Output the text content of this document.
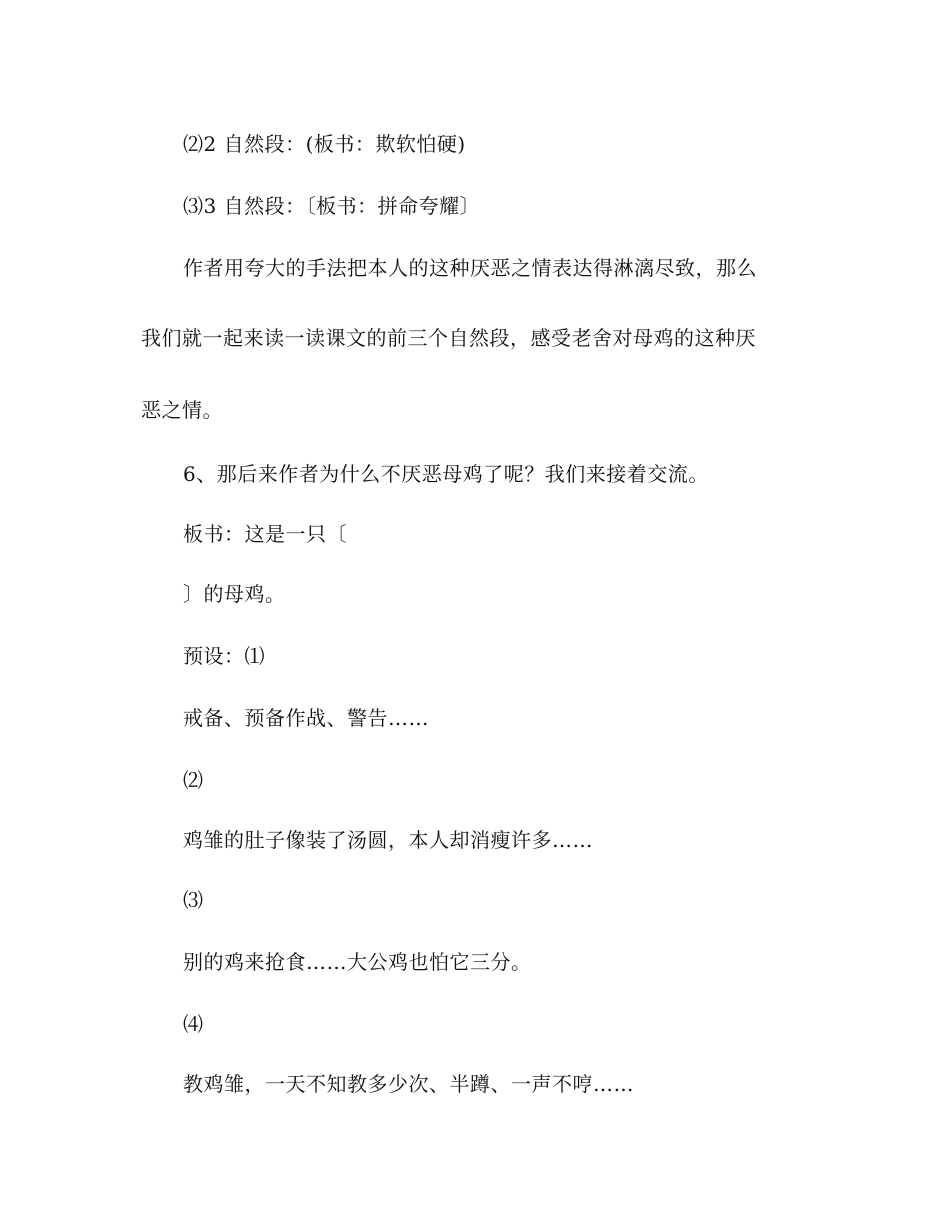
⑵2 自然段：(板书：欺软怕硬)
⑶3 自然段：〔板书：拼命夸耀〕
作者用夸大的手法把本人的这种厌恶之情表达得淋漓尽致，那么
我们就一起来读一读课文的前三个自然段，感受老舍对母鸡的这种厌
恶之情。
6、那后来作者为什么不厌恶母鸡了呢？我们来接着交流。
板书：这是一只〔
〕的母鸡。
预设：⑴
戒备、预备作战、警告……
⑵
鸡雏的肚子像装了汤圆，本人却消瘦许多……
⑶
别的鸡来抢食……大公鸡也怕它三分。
⑷
教鸡雏，一天不知教多少次、半蹲、一声不哼……
